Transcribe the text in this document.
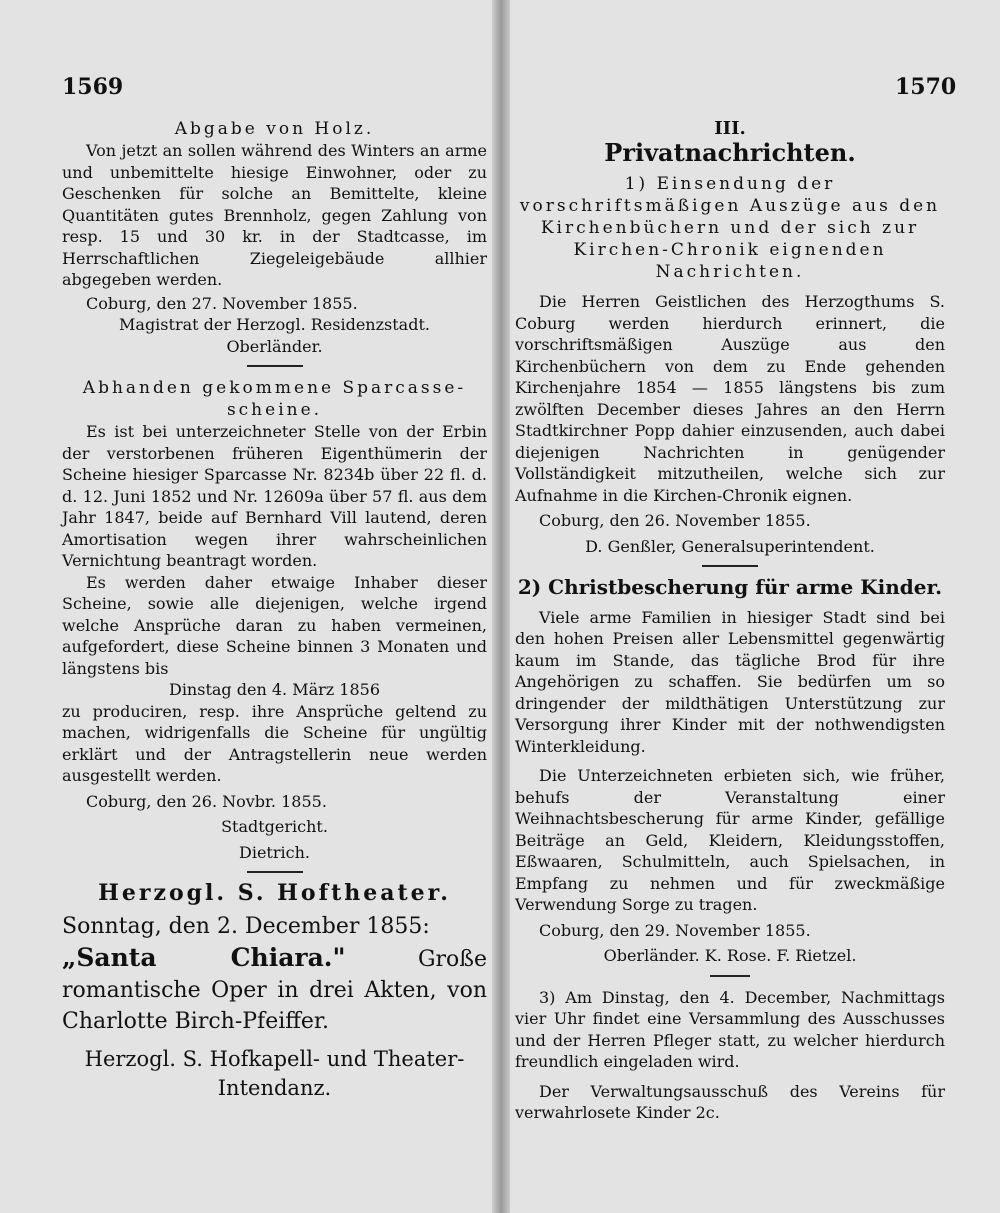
1569	1570

Abgabe von Holz.

Von jetzt an sollen während des Winters an arme und unbemittelte hiesige Einwohner, oder zu Geschenken für solche an Bemittelte, kleine Quantitäten gutes Brennholz, gegen Zahlung von resp. 15 und 30 kr. in der Stadtcasse, im Herrschaftlichen Ziegeleigebäude allhier abgegeben werden.

Coburg, den 27. November 1855.

Magistrat der Herzogl. Residenzstadt.

Oberländer.

Abhanden gekommene Sparcasse-

scheine.

Es ist bei unterzeichneter Stelle von der Erbin der verstorbenen früheren Eigenthümerin der Scheine hiesiger Sparcasse Nr. 8234b über 22 fl. d. d. 12. Juni 1852 und Nr. 12609a über 57 fl. aus dem Jahr 1847, beide auf Bernhard Vill lautend, deren Amortisation wegen ihrer wahrscheinlichen Vernichtung beantragt worden.

Es werden daher etwaige Inhaber dieser Scheine, sowie alle diejenigen, welche irgend welche Ansprüche daran zu haben vermeinen, aufgefordert, diese Scheine binnen 3 Monaten und längstens bis

Dinstag den 4. März 1856

zu produciren, resp. ihre Ansprüche geltend zu machen, widrigenfalls die Scheine für ungültig erklärt und der Antragstellerin neue werden ausgestellt werden.

Coburg, den 26. Novbr. 1855.

Stadtgericht.

Dietrich.

Herzogl. S. Hoftheater.

Sonntag, den 2. December 1855:

„Santa Chiara."	Große romantische Oper in drei Akten, von Charlotte Birch-Pfeiffer.

Herzogl. S. Hofkapell- und Theater-

Intendanz.

III.

Privatnachrichten.

1) Einsendung der vorschriftsmäßigen Auszüge aus den Kirchenbüchern und der sich zur Kirchen-Chronik eignenden Nachrichten.

Die Herren Geistlichen des Herzogthums S. Coburg werden hierdurch erinnert, die vorschriftsmäßigen Auszüge aus den Kirchenbüchern von dem zu Ende gehenden Kirchenjahre 1854 — 1855 längstens bis zum zwölften December dieses Jahres an den Herrn Stadtkirchner Popp dahier einzusenden, auch dabei diejenigen Nachrichten in genügender Vollständigkeit mitzutheilen, welche sich zur Aufnahme in die Kirchen-Chronik eignen.

Coburg, den 26. November 1855.

D. Genßler, Generalsuperintendent.

2) Christbescherung für arme Kinder.

Viele arme Familien in hiesiger Stadt sind bei den hohen Preisen aller Lebensmittel gegenwärtig kaum im Stande, das tägliche Brod für ihre Angehörigen zu schaffen. Sie bedürfen um so dringender der mildthätigen Unterstützung zur Versorgung ihrer Kinder mit der nothwendigsten Winterkleidung.

Die Unterzeichneten erbieten sich, wie früher, behufs der Veranstaltung einer Weihnachtsbescherung für arme Kinder, gefällige Beiträge an Geld, Kleidern, Kleidungsstoffen, Eßwaaren, Schulmitteln, auch Spielsachen, in Empfang zu nehmen und für zweckmäßige Verwendung Sorge zu tragen.

Coburg, den 29. November 1855.

Oberländer. K. Rose. F. Rietzel.

3) Am Dinstag, den 4. December, Nachmittags vier Uhr findet eine Versammlung des Ausschusses und der Herren Pfleger statt, zu welcher hierdurch freundlich eingeladen wird.

Der Verwaltungsausschuß des Vereins für verwahrlosete Kinder 2c.
